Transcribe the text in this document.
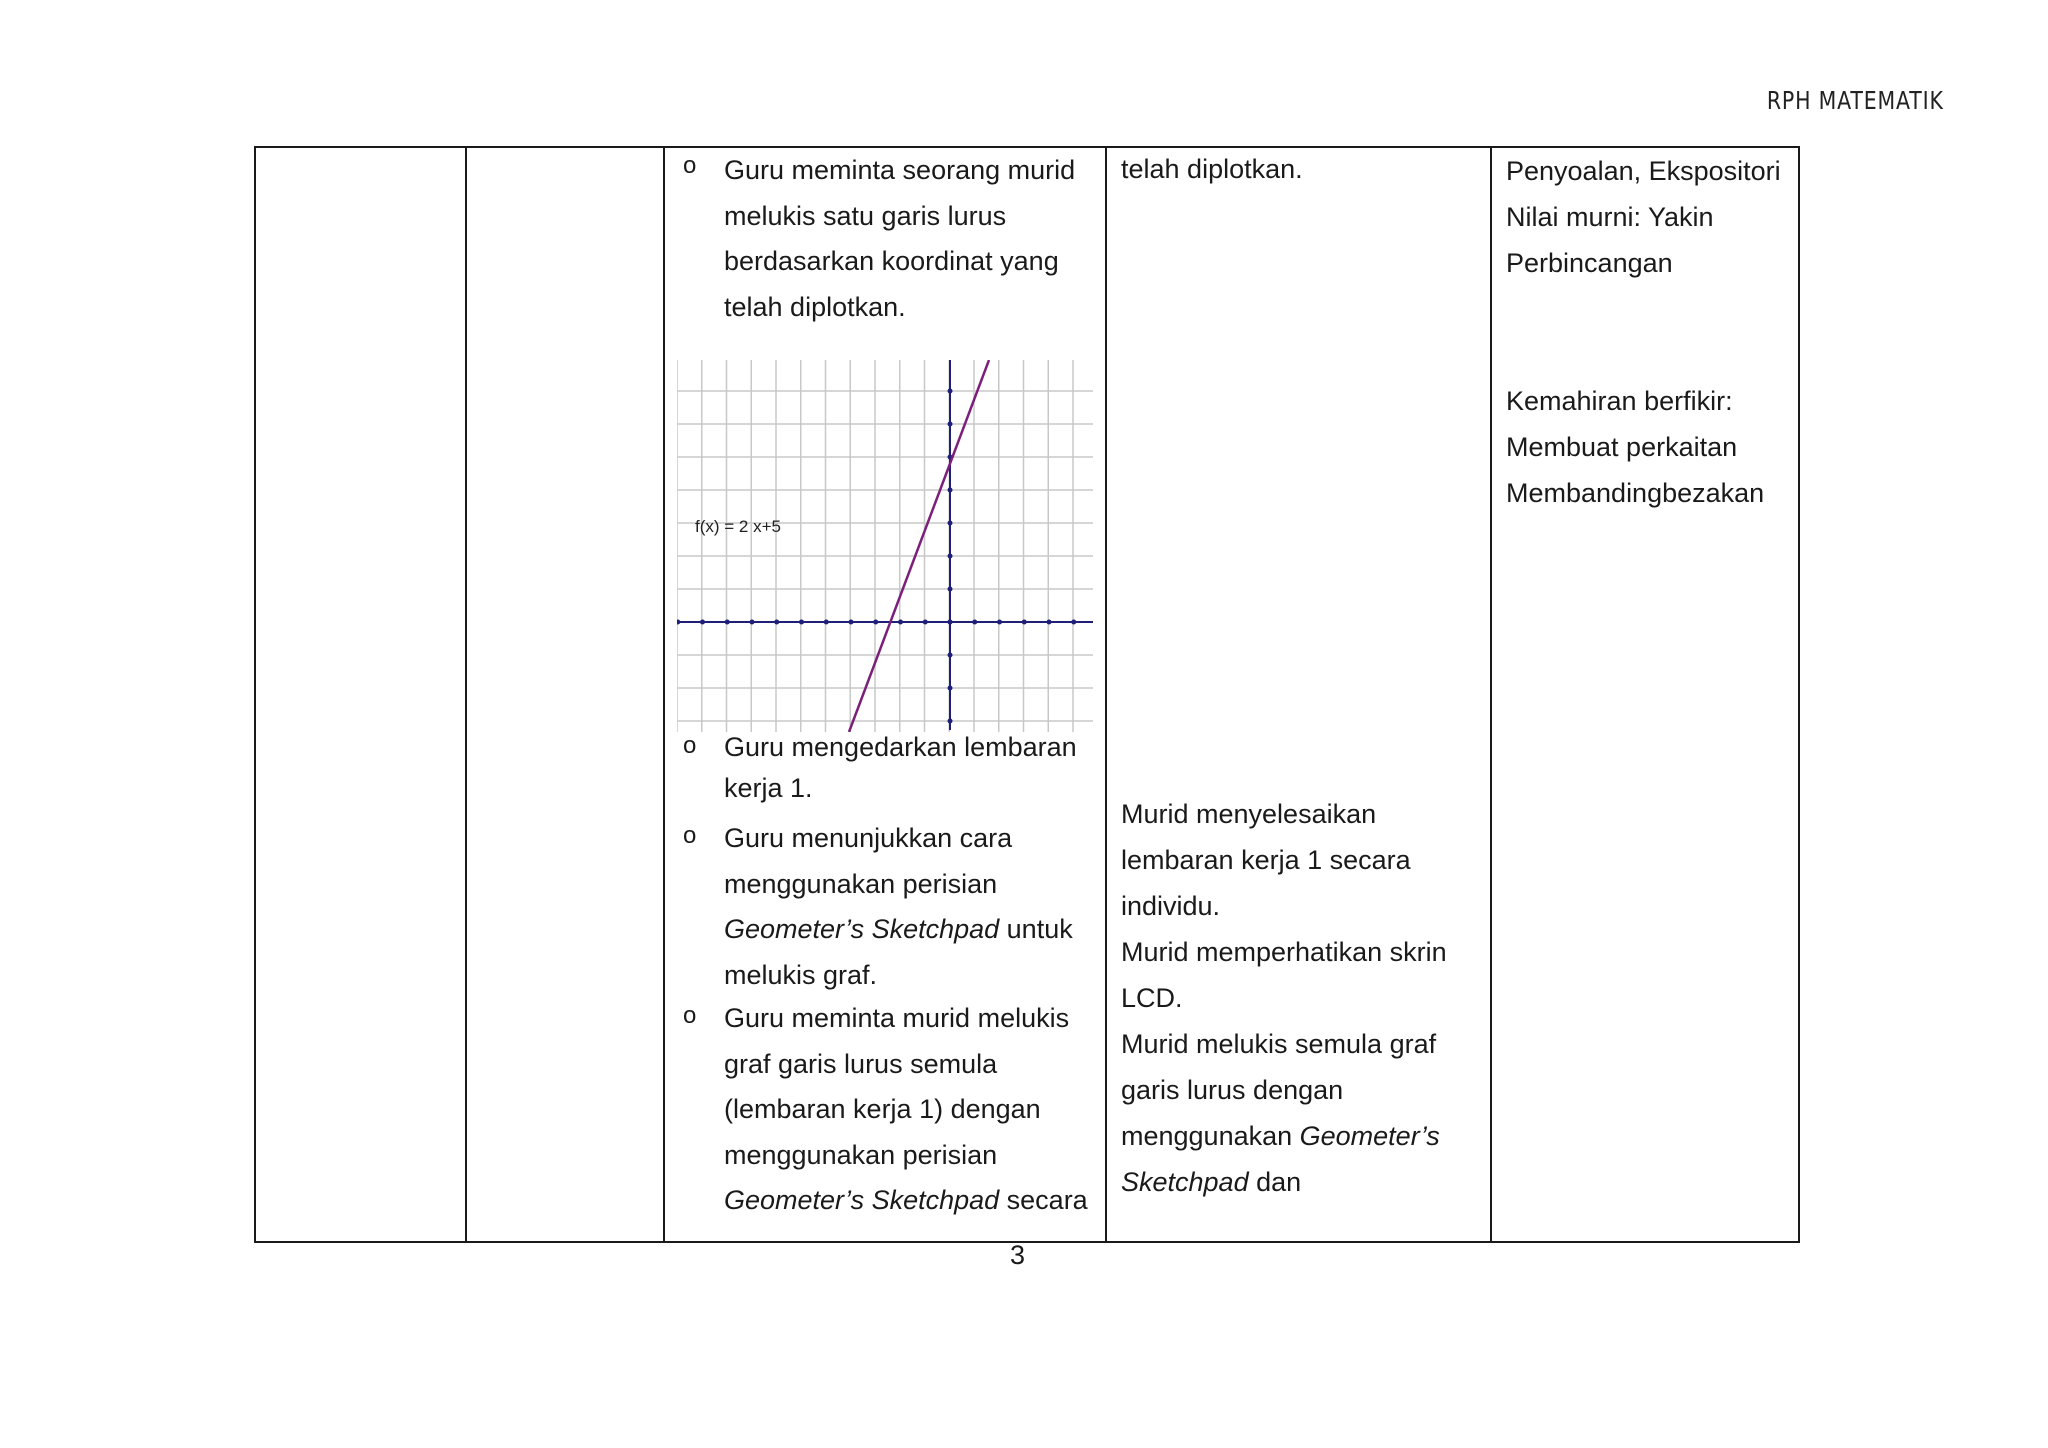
RPH MATEMATIK

o Guru meminta seorang murid
melukis satu garis lurus
berdasarkan koordinat yang
telah diplotkan.
f(x) = 2 x+5
o Guru mengedarkan lembaran
kerja 1.
o Guru menunjukkan cara
menggunakan perisian
Geometer’s Sketchpad untuk
melukis graf.
o Guru meminta murid melukis
graf garis lurus semula
(lembaran kerja 1) dengan
menggunakan perisian
Geometer’s Sketchpad secara

telah diplotkan.
Murid menyelesaikan
lembaran kerja 1 secara
individu.
Murid memperhatikan skrin
LCD.
Murid melukis semula graf
garis lurus dengan
menggunakan Geometer’s
Sketchpad dan

Penyoalan, Ekspositori
Nilai murni: Yakin
Perbincangan
Kemahiran berfikir:
Membuat perkaitan
Membandingbezakan
3
